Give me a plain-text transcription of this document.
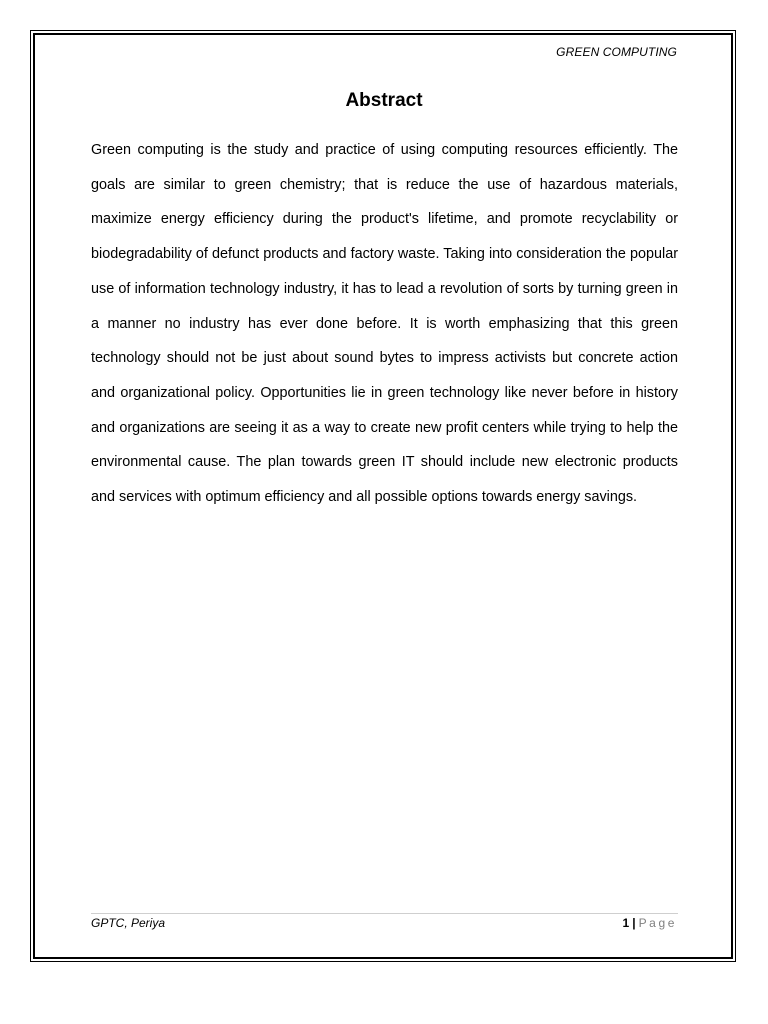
GREEN COMPUTING
Abstract

Green computing is the study and practice of using computing resources efficiently. The goals are similar to green chemistry; that is reduce the use of hazardous materials, maximize energy efficiency during the product's lifetime, and promote recyclability or biodegradability of defunct products and factory waste. Taking into consideration the popular use of information technology industry, it has to lead a revolution of sorts by turning green in a manner no industry has ever done before. It is worth emphasizing that this green technology should not be just about sound bytes to impress activists but concrete action and organizational policy. Opportunities lie in green technology like never before in history and organizations are seeing it as a way to create new profit centers while trying to help the environmental cause. The plan towards green IT should include new electronic products and services with optimum efficiency and all possible options towards energy savings.

GPTC, Periya	1 | Page
